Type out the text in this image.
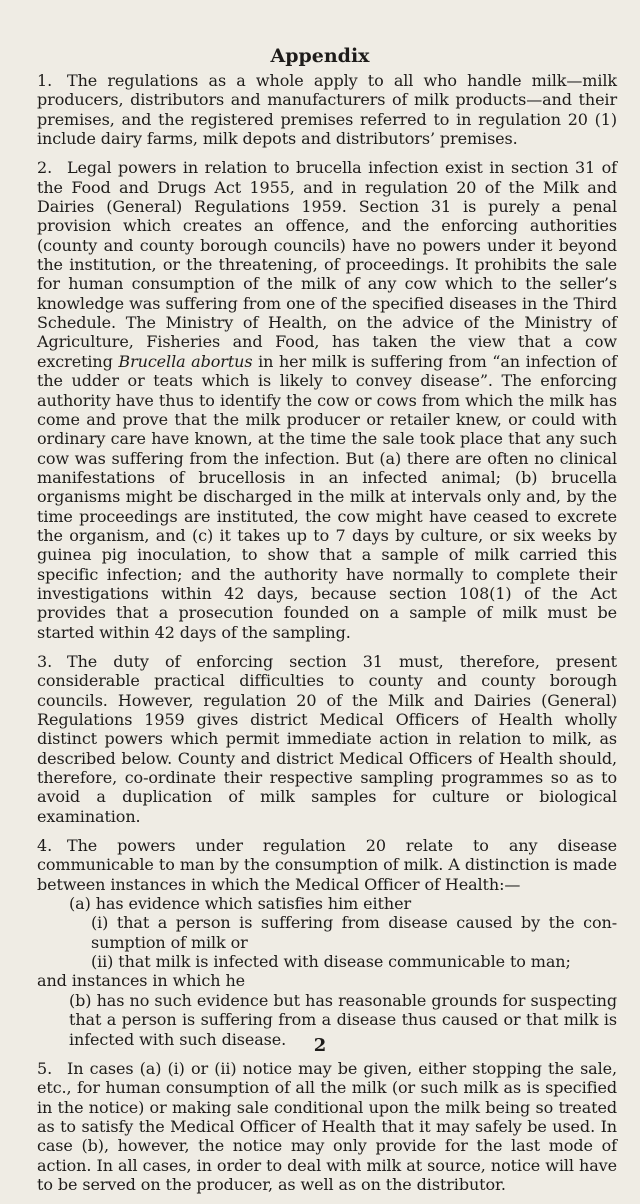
Appendix

1. The regulations as a whole apply to all who handle milk—milk producers, distributors and manufacturers of milk products—and their premises, and the registered premises referred to in regulation 20 (1) include dairy farms, milk depots and distributors’ premises.

2. Legal powers in relation to brucella infection exist in section 31 of the Food and Drugs Act 1955, and in regulation 20 of the Milk and Dairies (General) Regulations 1959. Section 31 is purely a penal provision which creates an offence, and the enforcing authorities (county and county borough councils) have no powers under it beyond the institution, or the threatening, of proceedings. It prohibits the sale for human consumption of the milk of any cow which to the seller’s knowledge was suffering from one of the specified diseases in the Third Schedule. The Ministry of Health, on the advice of the Ministry of Agriculture, Fisheries and Food, has taken the view that a cow excreting Brucella abortus in her milk is suffering from “an infection of the udder or teats which is likely to convey disease”. The enforcing authority have thus to identify the cow or cows from which the milk has come and prove that the milk producer or retailer knew, or could with ordinary care have known, at the time the sale took place that any such cow was suffering from the infection. But (a) there are often no clinical manifestations of brucellosis in an infected animal; (b) brucella organisms might be discharged in the milk at intervals only and, by the time proceedings are instituted, the cow might have ceased to excrete the organism, and (c) it takes up to 7 days by culture, or six weeks by guinea pig inoculation, to show that a sample of milk carried this specific infection; and the authority have normally to complete their investigations within 42 days, because section 108(1) of the Act provides that a prosecution founded on a sample of milk must be started within 42 days of the sampling.

3. The duty of enforcing section 31 must, therefore, present considerable practical difficulties to county and county borough councils. However, regulation 20 of the Milk and Dairies (General) Regulations 1959 gives district Medical Officers of Health wholly distinct powers which permit immediate action in relation to milk, as described below. County and district Medical Officers of Health should, therefore, co-ordinate their respective sampling programmes so as to avoid a duplication of milk samples for culture or biological examination.

4. The powers under regulation 20 relate to any disease communicable to man by the consumption of milk. A distinction is made between instances in which the Medical Officer of Health:—
(a) has evidence which satisfies him either
(i) that a person is suffering from disease caused by the con-sumption of milk or
(ii) that milk is infected with disease communicable to man;
and instances in which he
(b) has no such evidence but has reasonable grounds for suspecting that a person is suffering from a disease thus caused or that milk is infected with such disease.

5. In cases (a) (i) or (ii) notice may be given, either stopping the sale, etc., for human consumption of all the milk (or such milk as is specified in the notice) or making sale conditional upon the milk being so treated as to satisfy the Medical Officer of Health that it may safely be used. In case (b), however, the notice may only provide for the last mode of action. In all cases, in order to deal with milk at source, notice will have to be served on the producer, as well as on the distributor.

2
